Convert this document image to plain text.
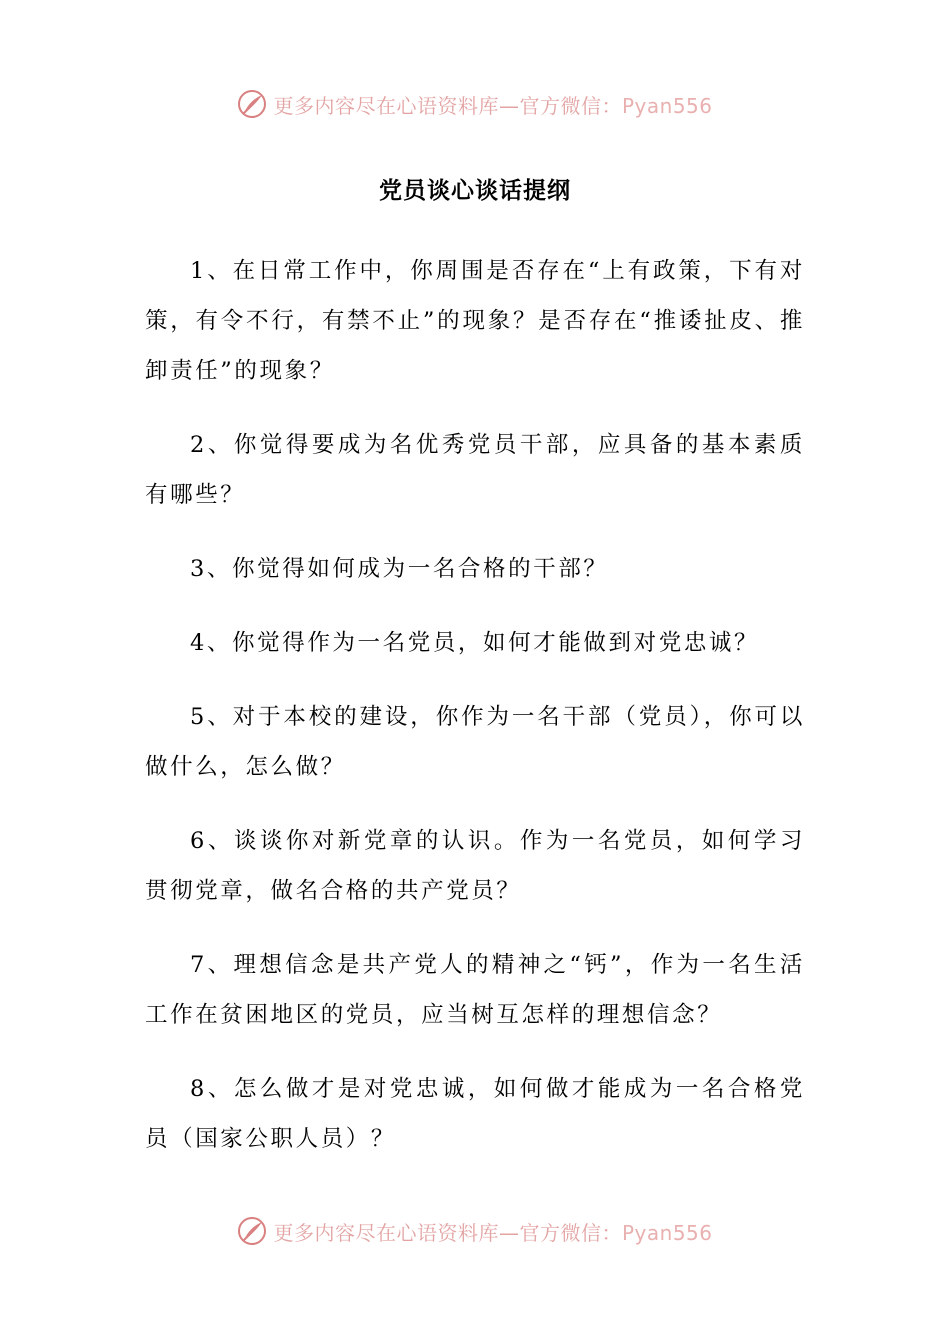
更多内容尽在心语资料库—官方微信：Pyan556
党员谈心谈话提纲

1、在日常工作中，你周围是否存在“上有政策，下有对策，有令不行，有禁不止”的现象？是否存在“推诿扯皮、推卸责任”的现象？

2、你觉得要成为名优秀党员干部，应具备的基本素质有哪些？

3、你觉得如何成为一名合格的干部？

4、你觉得作为一名党员，如何才能做到对党忠诚？

5、对于本校的建设，你作为一名干部（党员），你可以做什么，怎么做？

6、谈谈你对新党章的认识。作为一名党员，如何学习贯彻党章，做名合格的共产党员？

7、理想信念是共产党人的精神之“钙”，作为一名生活工作在贫困地区的党员，应当树互怎样的理想信念？

8、怎么做才是对党忠诚，如何做才能成为一名合格党员（国家公职人员）？

更多内容尽在心语资料库—官方微信：Pyan556
